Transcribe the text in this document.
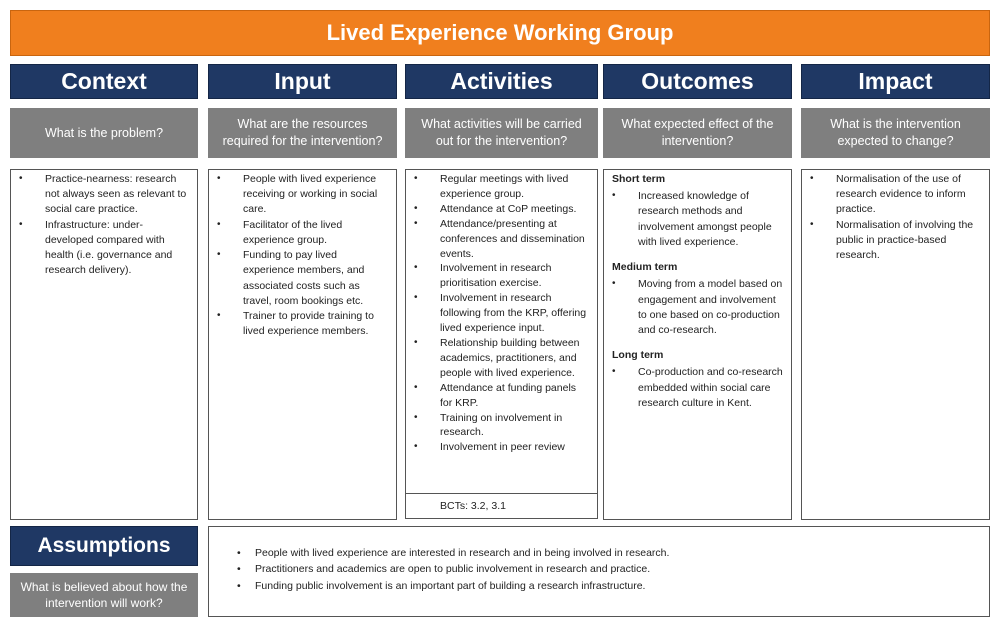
Lived Experience Working Group
Context
What is the problem?
• Practice-nearness: research not always seen as relevant to social care practice.
• Infrastructure: under-developed compared with health (i.e. governance and research delivery).
Input
What are the resources required for the intervention?
• People with lived experience receiving or working in social care.
• Facilitator of the lived experience group.
• Funding to pay lived experience members, and associated costs such as travel, room bookings etc.
• Trainer to provide training to lived experience members.
Activities
What activities will be carried out for the intervention?
• Regular meetings with lived experience group.
• Attendance at CoP meetings.
• Attendance/presenting at conferences and dissemination events.
• Involvement in research prioritisation exercise.
• Involvement in research following from the KRP, offering lived experience input.
• Relationship building between academics, practitioners, and people with lived experience.
• Attendance at funding panels for KRP.
• Training on involvement in research.
• Involvement in peer review
BCTs: 3.2, 3.1
Outcomes
What expected effect of the intervention?
Short term
• Increased knowledge of research methods and involvement amongst people with lived experience.
Medium term
• Moving from a model based on engagement and involvement to one based on co-production and co-research.
Long term
• Co-production and co-research embedded within social care research culture in Kent.
Impact
What is the intervention expected to change?
• Normalisation of the use of research evidence to inform practice.
• Normalisation of involving the public in practice-based research.
Assumptions
What is believed about how the intervention will work?
• People with lived experience are interested in research and in being involved in research.
• Practitioners and academics are open to public involvement in research and practice.
• Funding public involvement is an important part of building a research infrastructure.
